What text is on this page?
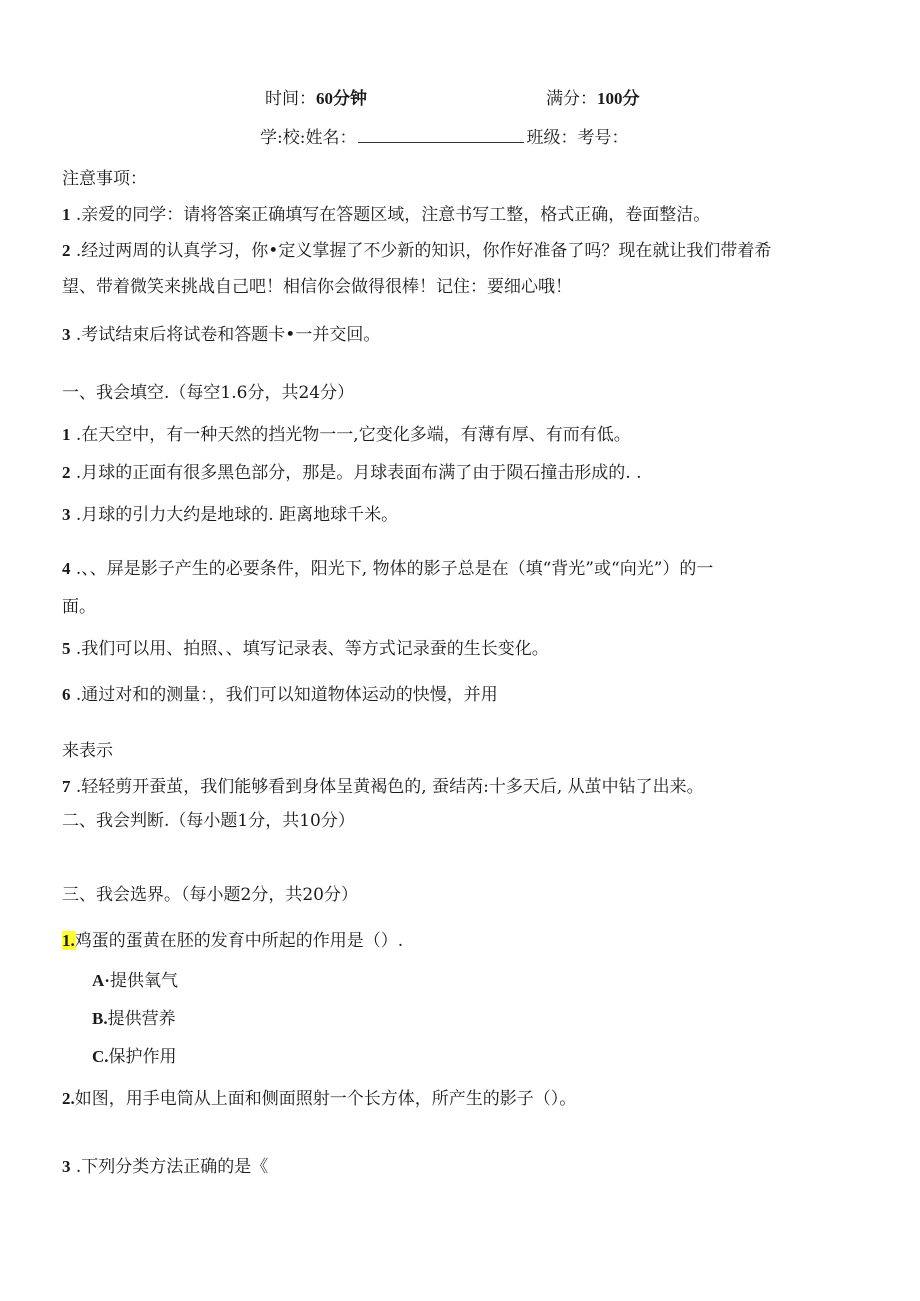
时间：60分钟	满分：100分
学:校:姓名：	班级：考号：
注意事项：
1 .亲爱的同学：请将答案正确填写在答题区域，注意书写工整，格式正确，卷面整洁。
2 .经过两周的认真学习，你•定义掌握了不少新的知识，你作好准备了吗？现在就让我们带着希
望、带着微笑来挑战自己吧！相信你会做得很棒！记住：要细心哦！
3 .考试结束后将试卷和答题卡•一并交回。
一、我会填空.（每空1.6分，共24分）
1 .在天空中，有一种天然的挡光物一一,它变化多端，有薄有厚、有而有低。
2 .月球的正面有很多黑色部分，那是。月球表面布满了由于陨石撞击形成的. .
3 .月球的引力大约是地球的. 距离地球千米。
4 .、、屏是影子产生的必要条件，阳光下, 物体的影子总是在（填“背光”或“向光”）的一
面。
5 .我们可以用、拍照、、填写记录表、等方式记录蚕的生长变化。
6 .通过对和的测量：，我们可以知道物体运动的快慢，并用
来表示
7 .轻轻剪开蚕茧，我们能够看到身体呈黄褐色的, 蚕结芮:十多天后, 从茧中钻了出来。
二、我会判断.（每小题1分，共10分）
三、我会选界。（每小题2分，共20分）
1.鸡蛋的蛋黄在胚的发育中所起的作用是（）.
A·提供氧气
B.提供营养
C.保护作用
2.如图，用手电筒从上面和侧面照射一个长方体，所产生的影子（）。
3 .下列分类方法正确的是《
